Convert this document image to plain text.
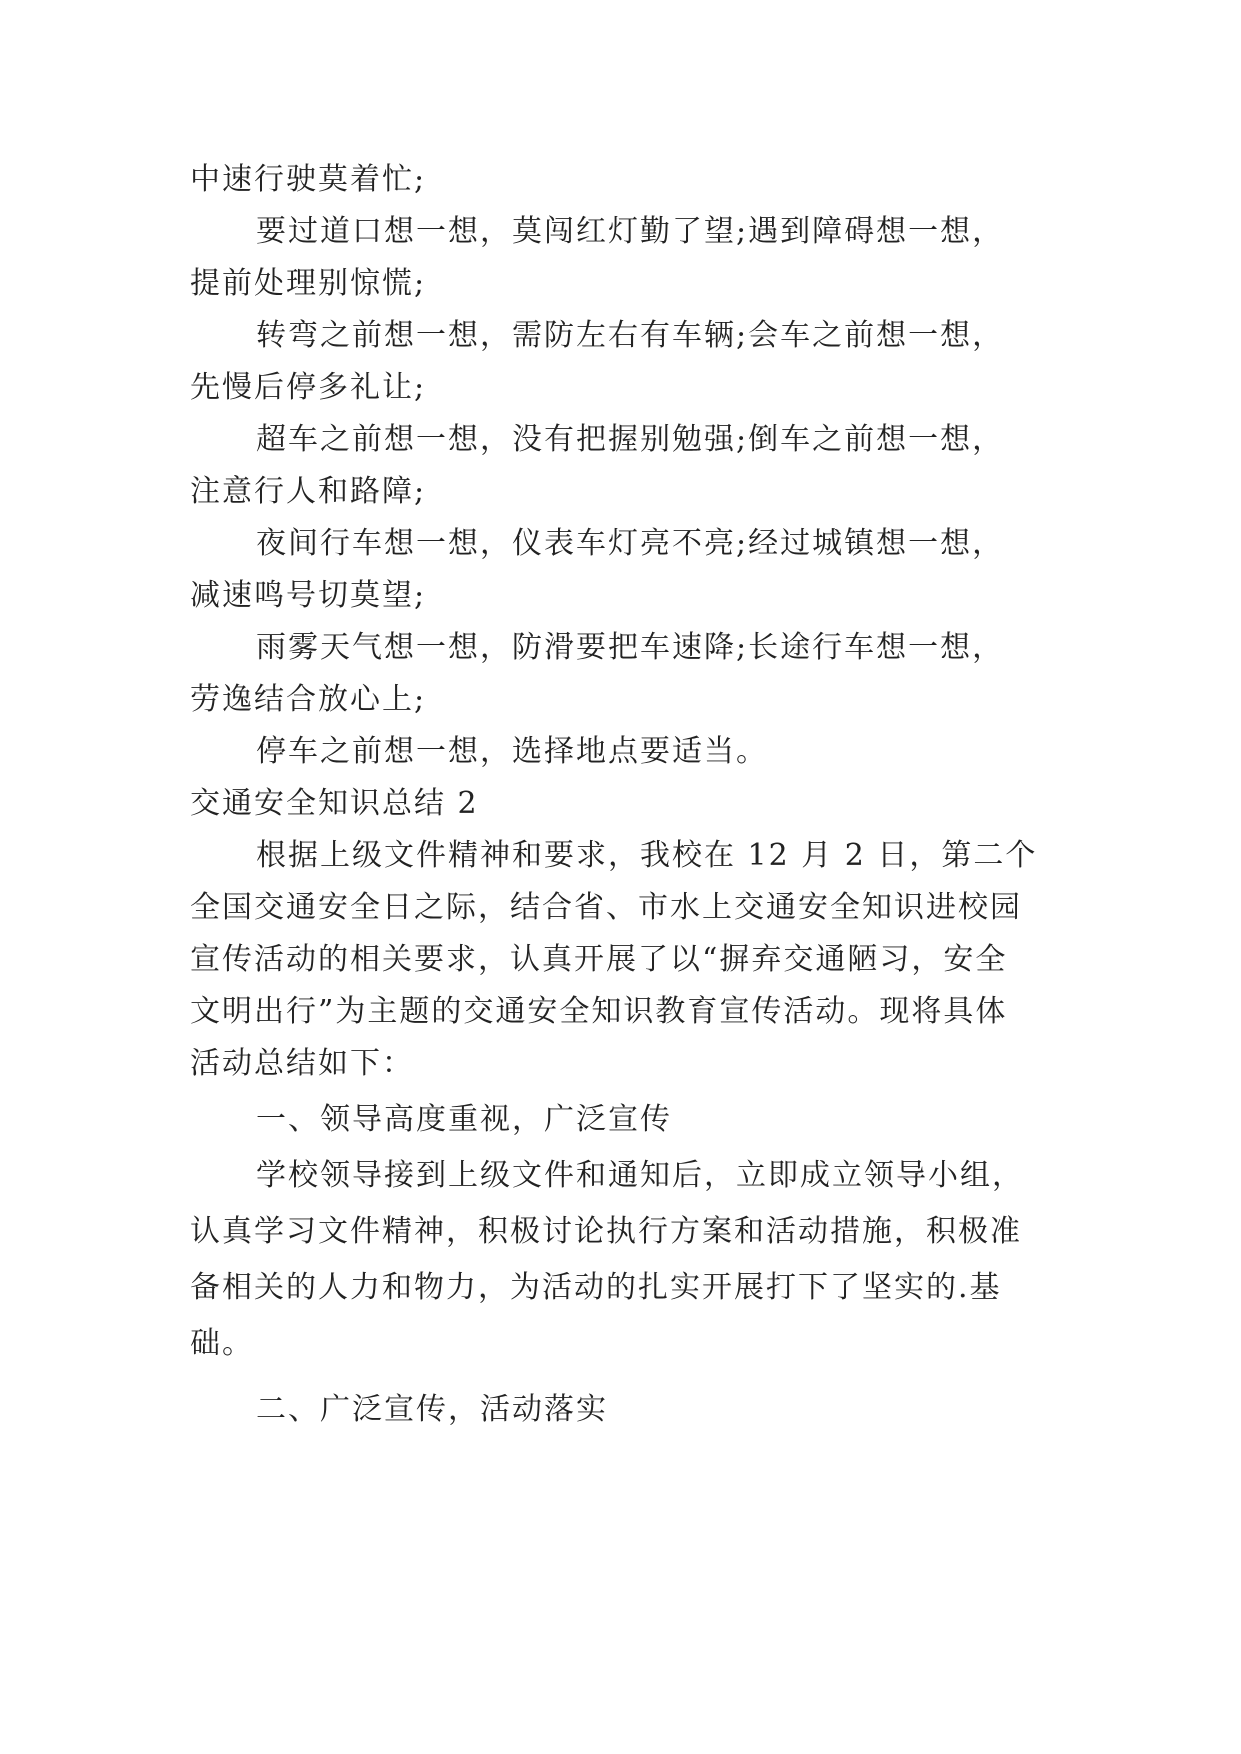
中速行驶莫着忙;
要过道口想一想，莫闯红灯勤了望;遇到障碍想一想，
提前处理别惊慌;
转弯之前想一想，需防左右有车辆;会车之前想一想，
先慢后停多礼让;
超车之前想一想，没有把握别勉强;倒车之前想一想，
注意行人和路障;
夜间行车想一想，仪表车灯亮不亮;经过城镇想一想，
减速鸣号切莫望;
雨雾天气想一想，防滑要把车速降;长途行车想一想，
劳逸结合放心上;
停车之前想一想，选择地点要适当。
交通安全知识总结 2
根据上级文件精神和要求，我校在 12 月 2 日，第二个
全国交通安全日之际，结合省、市水上交通安全知识进校园
宣传活动的相关要求，认真开展了以“摒弃交通陋习，安全
文明出行”为主题的交通安全知识教育宣传活动。现将具体
活动总结如下：
一、领导高度重视，广泛宣传
学校领导接到上级文件和通知后，立即成立领导小组，
认真学习文件精神，积极讨论执行方案和活动措施，积极准
备相关的人力和物力，为活动的扎实开展打下了坚实的.基
础。
二、广泛宣传，活动落实
